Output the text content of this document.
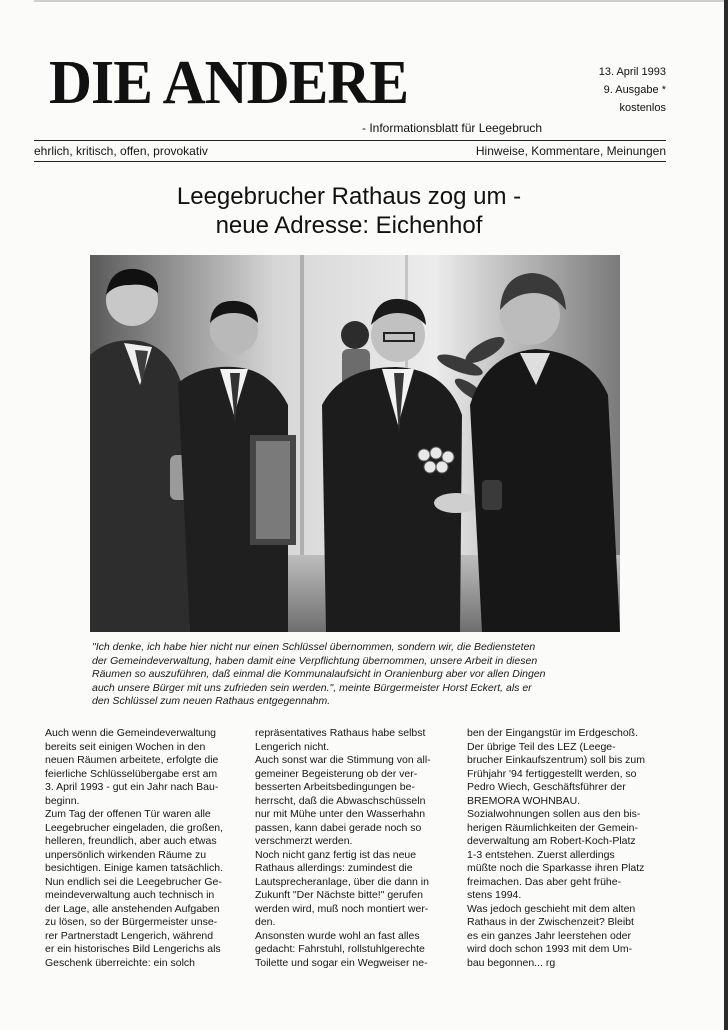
DIE ANDERE
- Informationsblatt für Leegebruch
13. April 1993
9. Ausgabe *
kostenlos
ehrlich, kritisch, offen, provokativ	Hinweise, Kommentare, Meinungen
Leegebrucher Rathaus zog um -
neue Adresse: Eichenhof
"Ich denke, ich habe hier nicht nur einen Schlüssel übernommen, sondern wir, die Bediensteten
der Gemeindeverwaltung, haben damit eine Verpflichtung übernommen, unsere Arbeit in diesen
Räumen so auszuführen, daß einmal die Kommunalaufsicht in Oranienburg aber vor allen Dingen
auch unsere Bürger mit uns zufrieden sein werden.", meinte Bürgermeister Horst Eckert, als er
den Schlüssel zum neuen Rathaus entgegennahm.
Auch wenn die Gemeindeverwaltung
bereits seit einigen Wochen in den
neuen Räumen arbeitete, erfolgte die
feierliche Schlüsselübergabe erst am
3. April 1993 - gut ein Jahr nach Bau-
beginn.
Zum Tag der offenen Tür waren alle
Leegebrucher eingeladen, die großen,
helleren, freundlich, aber auch etwas
unpersönlich wirkenden Räume zu
besichtigen. Einige kamen tatsächlich.
Nun endlich sei die Leegebrucher Ge-
meindeverwaltung auch technisch in
der Lage, alle anstehenden Aufgaben
zu lösen, so der Bürgermeister unse-
rer Partnerstadt Lengerich, während
er ein historisches Bild Lengerichs als
Geschenk überreichte: ein solch
repräsentatives Rathaus habe selbst
Lengerich nicht.
Auch sonst war die Stimmung von all-
gemeiner Begeisterung ob der ver-
besserten Arbeitsbedingungen be-
herrscht, daß die Abwaschschüsseln
nur mit Mühe unter den Wasserhahn
passen, kann dabei gerade noch so
verschmerzt werden.
Noch nicht ganz fertig ist das neue
Rathaus allerdings: zumindest die
Lautsprecheranlage, über die dann in
Zukunft "Der Nächste bitte!" gerufen
werden wird, muß noch montiert wer-
den.
Ansonsten wurde wohl an fast alles
gedacht: Fahrstuhl, rollstuhlgerechte
Toilette und sogar ein Wegweiser ne-
ben der Eingangstür im Erdgeschoß.
Der übrige Teil des LEZ (Leege-
brucher Einkaufszentrum) soll bis zum
Frühjahr '94 fertiggestellt werden, so
Pedro Wiech, Geschäftsführer der
BREMORA WOHNBAU.
Sozialwohnungen sollen aus den bis-
herigen Räumlichkeiten der Gemein-
deverwaltung am Robert-Koch-Platz
1-3 entstehen. Zuerst allerdings
müßte noch die Sparkasse ihren Platz
freimachen. Das aber geht frühe-
stens 1994.
Was jedoch geschieht mit dem alten
Rathaus in der Zwischenzeit? Bleibt
es ein ganzes Jahr leerstehen oder
wird doch schon 1993 mit dem Um-
bau begonnen... rg
